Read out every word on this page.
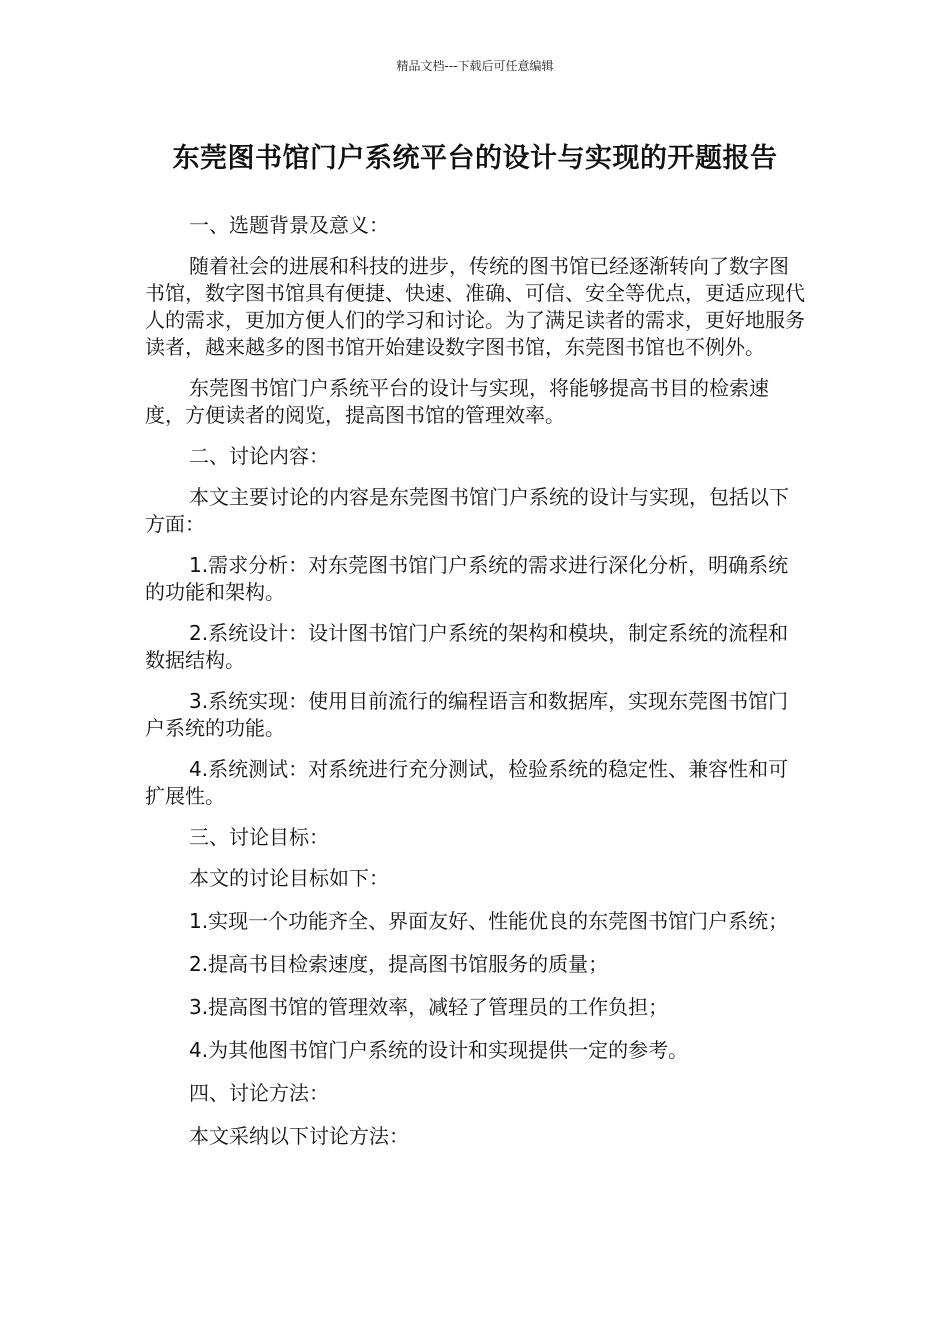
精品文档---下载后可任意编辑
东莞图书馆门户系统平台的设计与实现的开题报告

一、选题背景及意义：

随着社会的进展和科技的进步，传统的图书馆已经逐渐转向了数字图书馆，数字图书馆具有便捷、快速、准确、可信、安全等优点，更适应现代人的需求，更加方便人们的学习和讨论。为了满足读者的需求，更好地服务读者，越来越多的图书馆开始建设数字图书馆，东莞图书馆也不例外。

东莞图书馆门户系统平台的设计与实现，将能够提高书目的检索速度，方便读者的阅览，提高图书馆的管理效率。

二、讨论内容：

本文主要讨论的内容是东莞图书馆门户系统的设计与实现，包括以下方面：

1.需求分析：对东莞图书馆门户系统的需求进行深化分析，明确系统的功能和架构。

2.系统设计：设计图书馆门户系统的架构和模块，制定系统的流程和数据结构。

3.系统实现：使用目前流行的编程语言和数据库，实现东莞图书馆门户系统的功能。

4.系统测试：对系统进行充分测试，检验系统的稳定性、兼容性和可扩展性。

三、讨论目标：

本文的讨论目标如下：

1.实现一个功能齐全、界面友好、性能优良的东莞图书馆门户系统；

2.提高书目检索速度，提高图书馆服务的质量；

3.提高图书馆的管理效率，减轻了管理员的工作负担；

4.为其他图书馆门户系统的设计和实现提供一定的参考。

四、讨论方法：

本文采纳以下讨论方法：
